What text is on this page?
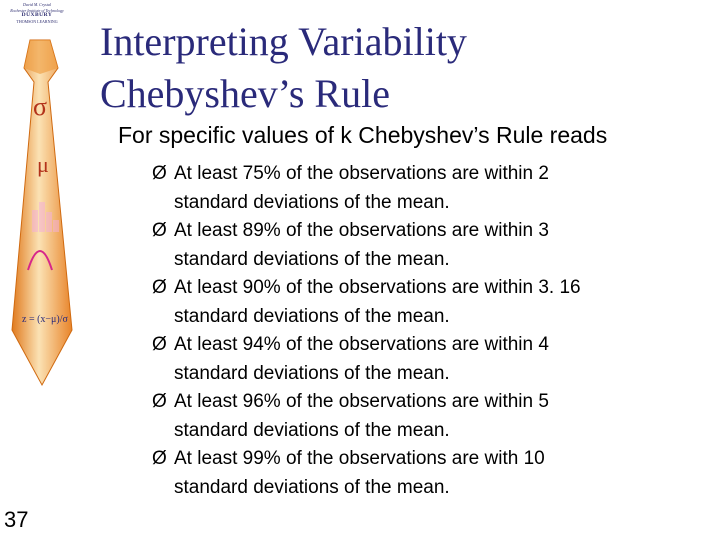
z = (x−μ)/σ
David M. Crystal
Rochester Institute of Technology
DUXBURY
THOMSON LEARNING
σ
μ
Interpreting Variability
Chebyshev’s Rule

For specific values of k Chebyshev’s Rule reads

Ø At least 75% of the observations are within 2
standard deviations of the mean.
Ø At least 89% of the observations are within 3
standard deviations of the mean.
Ø At least 90% of the observations are within 3. 16
standard deviations of the mean.
Ø At least 94% of the observations are within 4
standard deviations of the mean.
Ø At least 96% of the observations are within 5
standard deviations of the mean.
Ø At least 99% of the observations are with 10
standard deviations of the mean.
37
